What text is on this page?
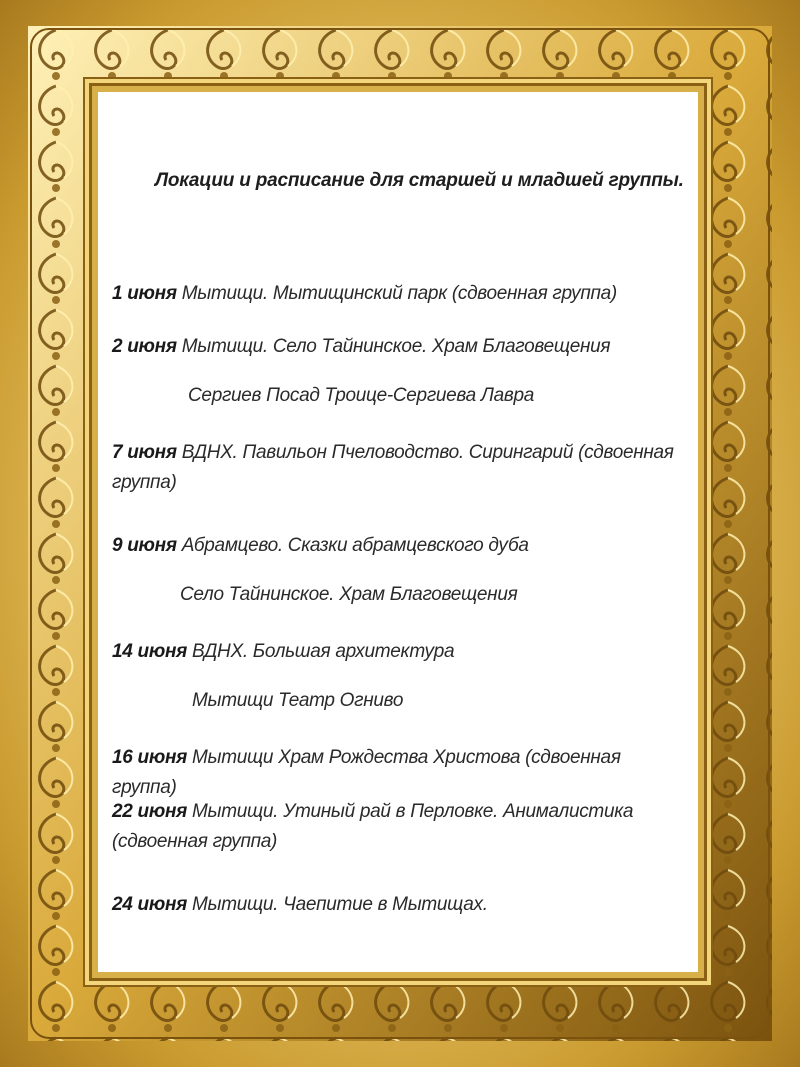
Локации и расписание для старшей и младшей группы.
1 июня Мытищи. Мытищинский парк (сдвоенная группа)
2 июня Мытищи. Село Тайнинское. Храм Благовещения
Сергиев Посад Троице-Сергиева Лавра
7 июня ВДНХ. Павильон Пчеловодство. Сирингарий (сдвоенная группа)
9 июня Абрамцево. Сказки абрамцевского дуба
Село Тайнинское. Храм Благовещения
14 июня ВДНХ. Большая архитектура
Мытищи Театр Огниво
16 июня Мытищи Храм Рождества Христова (сдвоенная группа)
22 июня Мытищи. Утиный рай в Перловке. Анималистика (сдвоенная группа)
24 июня Мытищи. Чаепитие в Мытищах.
